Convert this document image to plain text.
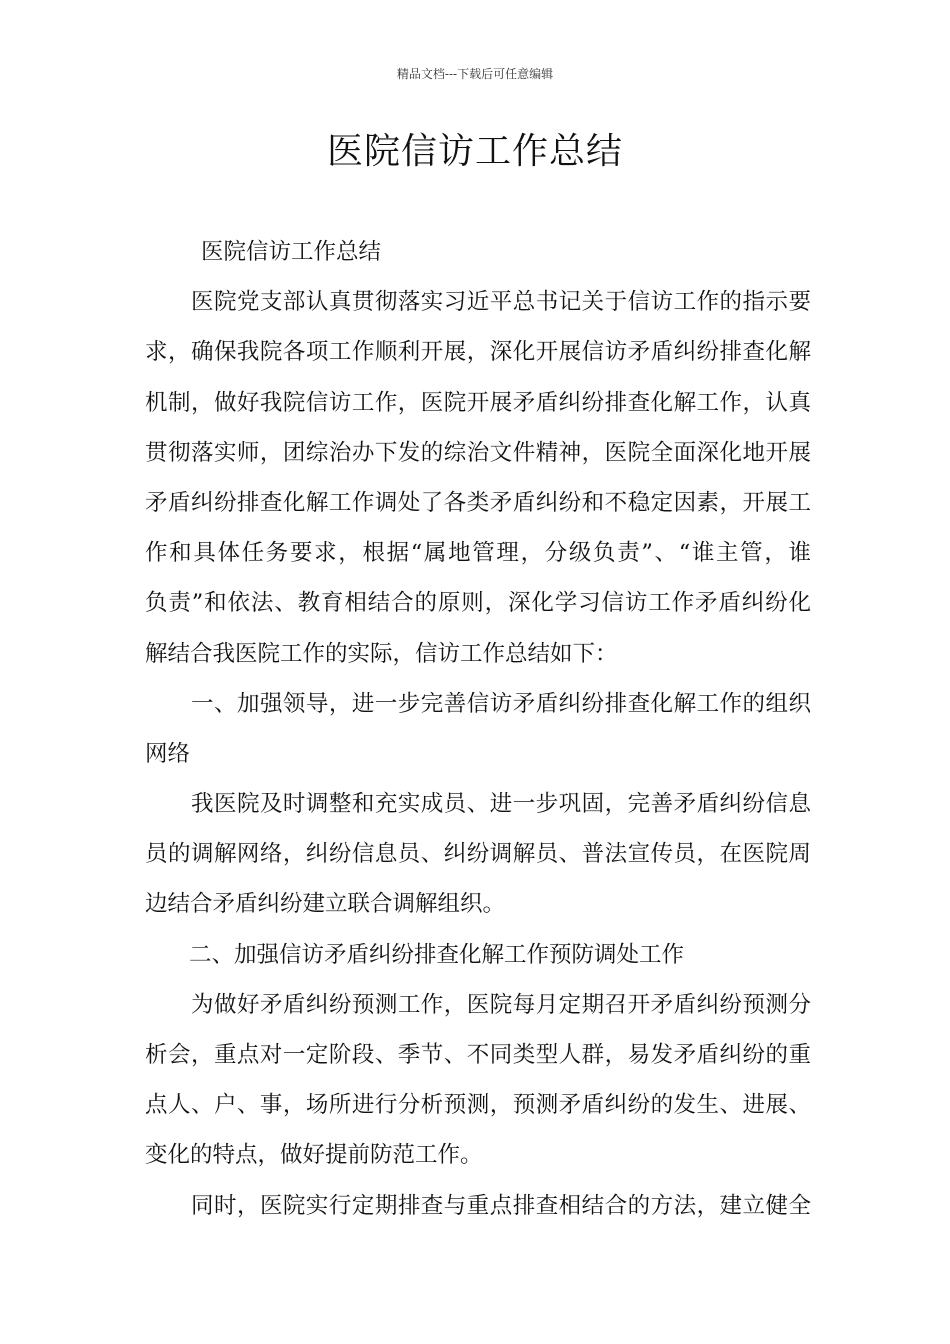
精品文档---下载后可任意编辑
医院信访工作总结
医院信访工作总结
医院党支部认真贯彻落实习近平总书记关于信访工作的指示要
求，确保我院各项工作顺利开展，深化开展信访矛盾纠纷排查化解
机制，做好我院信访工作，医院开展矛盾纠纷排查化解工作，认真
贯彻落实师，团综治办下发的综治文件精神，医院全面深化地开展
矛盾纠纷排查化解工作调处了各类矛盾纠纷和不稳定因素，开展工
作和具体任务要求，根据“属地管理，分级负责”、“谁主管，谁
负责”和依法、教育相结合的原则，深化学习信访工作矛盾纠纷化
解结合我医院工作的实际，信访工作总结如下：
一、加强领导，进一步完善信访矛盾纠纷排查化解工作的组织
网络
我医院及时调整和充实成员、进一步巩固，完善矛盾纠纷信息
员的调解网络，纠纷信息员、纠纷调解员、普法宣传员，在医院周
边结合矛盾纠纷建立联合调解组织。
二、加强信访矛盾纠纷排查化解工作预防调处工作
为做好矛盾纠纷预测工作，医院每月定期召开矛盾纠纷预测分
析会，重点对一定阶段、季节、不同类型人群，易发矛盾纠纷的重
点人、户、事，场所进行分析预测，预测矛盾纠纷的发生、进展、
变化的特点，做好提前防范工作。
同时，医院实行定期排查与重点排查相结合的方法，建立健全
